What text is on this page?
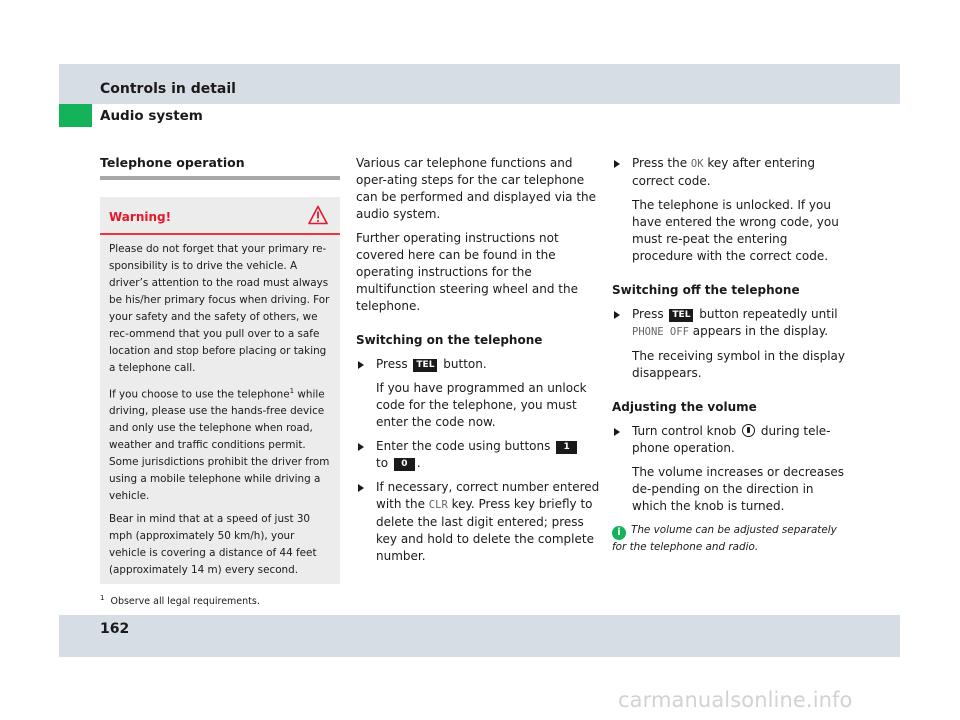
Controls in detail
Audio system
Telephone operation
Warning!

Please do not forget that your primary re-sponsibility is to drive the vehicle. A driver’s attention to the road must always be his/her primary focus when driving. For your safety and the safety of others, we rec-ommend that you pull over to a safe location and stop before placing or taking a telephone call.

If you choose to use the telephone$^1$ while driving, please use the hands-free device and only use the telephone when road, weather and traffic conditions permit. Some jurisdictions prohibit the driver from using a mobile telephone while driving a vehicle.

Bear in mind that at a speed of just 30 mph (approximately 50 km/h), your vehicle is covering a distance of 44 feet (approximately 14 m) every second.

$^1$ Observe all legal requirements.

Various car telephone functions and oper-ating steps for the car telephone can be performed and displayed via the audio system.

Further operating instructions not covered here can be found in the operating instructions for the multifunction steering wheel and the telephone.

Switching on the telephone
Press TEL button.

If you have programmed an unlock code for the telephone, you must enter the code now.

Enter the code using buttons 1
to 0 .
If necessary, correct number entered with the CLR key. Press key briefly to delete the last digit entered; press key and hold to delete the complete number.
Press the OK key after entering correct code.

The telephone is unlocked. If you have entered the wrong code, you must re-peat the entering procedure with the correct code.

Switching off the telephone
Press TEL button repeatedly until
PHONE OFF appears in the display.

The receiving symbol in the display disappears.

Adjusting the volume
Turn control knob during tele-phone operation.

The volume increases or decreases de-pending on the direction in which the knob is turned.

i The volume can be adjusted separately for the telephone and radio.
162
carmanualsonline.info
